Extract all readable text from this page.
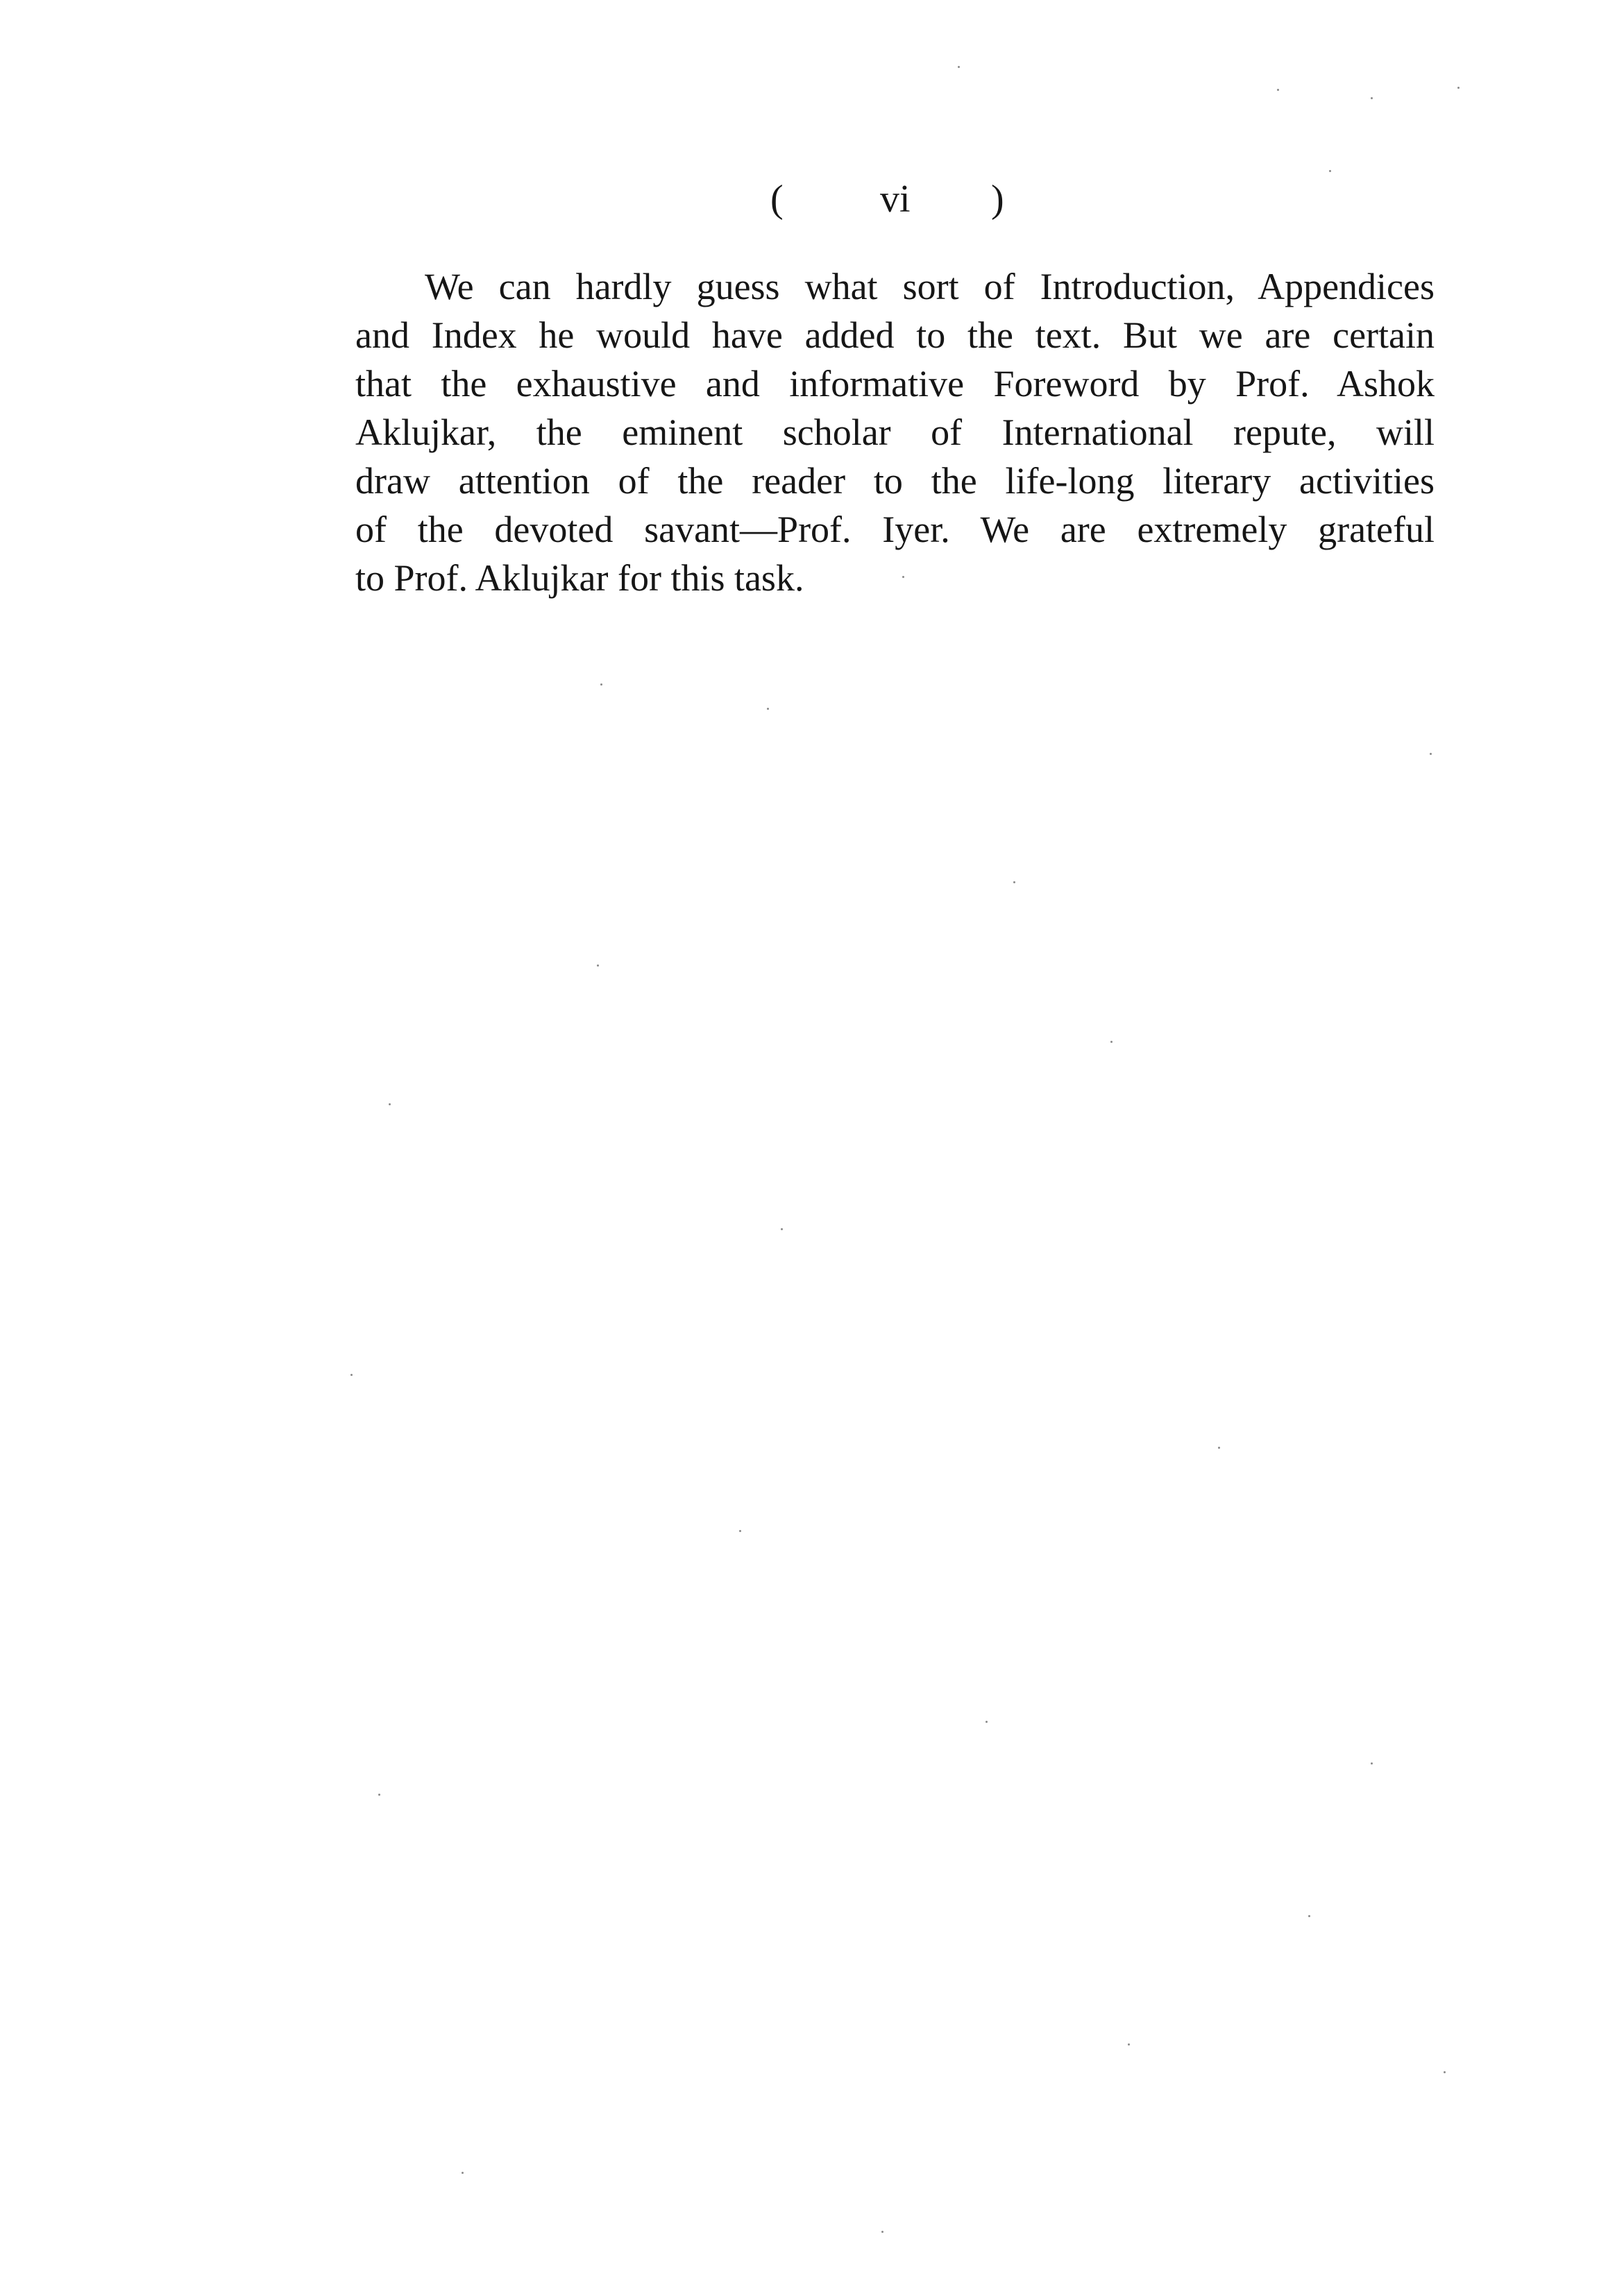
( vi )
We can hardly guess what sort of Introduction, Appendices
and Index he would have added to the text. But we are certain
that the exhaustive and informative Foreword by Prof. Ashok
Aklujkar, the eminent scholar of International repute, will
draw attention of the reader to the life-long literary activities
of the devoted savant—Prof. Iyer. We are extremely grateful
to Prof. Aklujkar for this task.
